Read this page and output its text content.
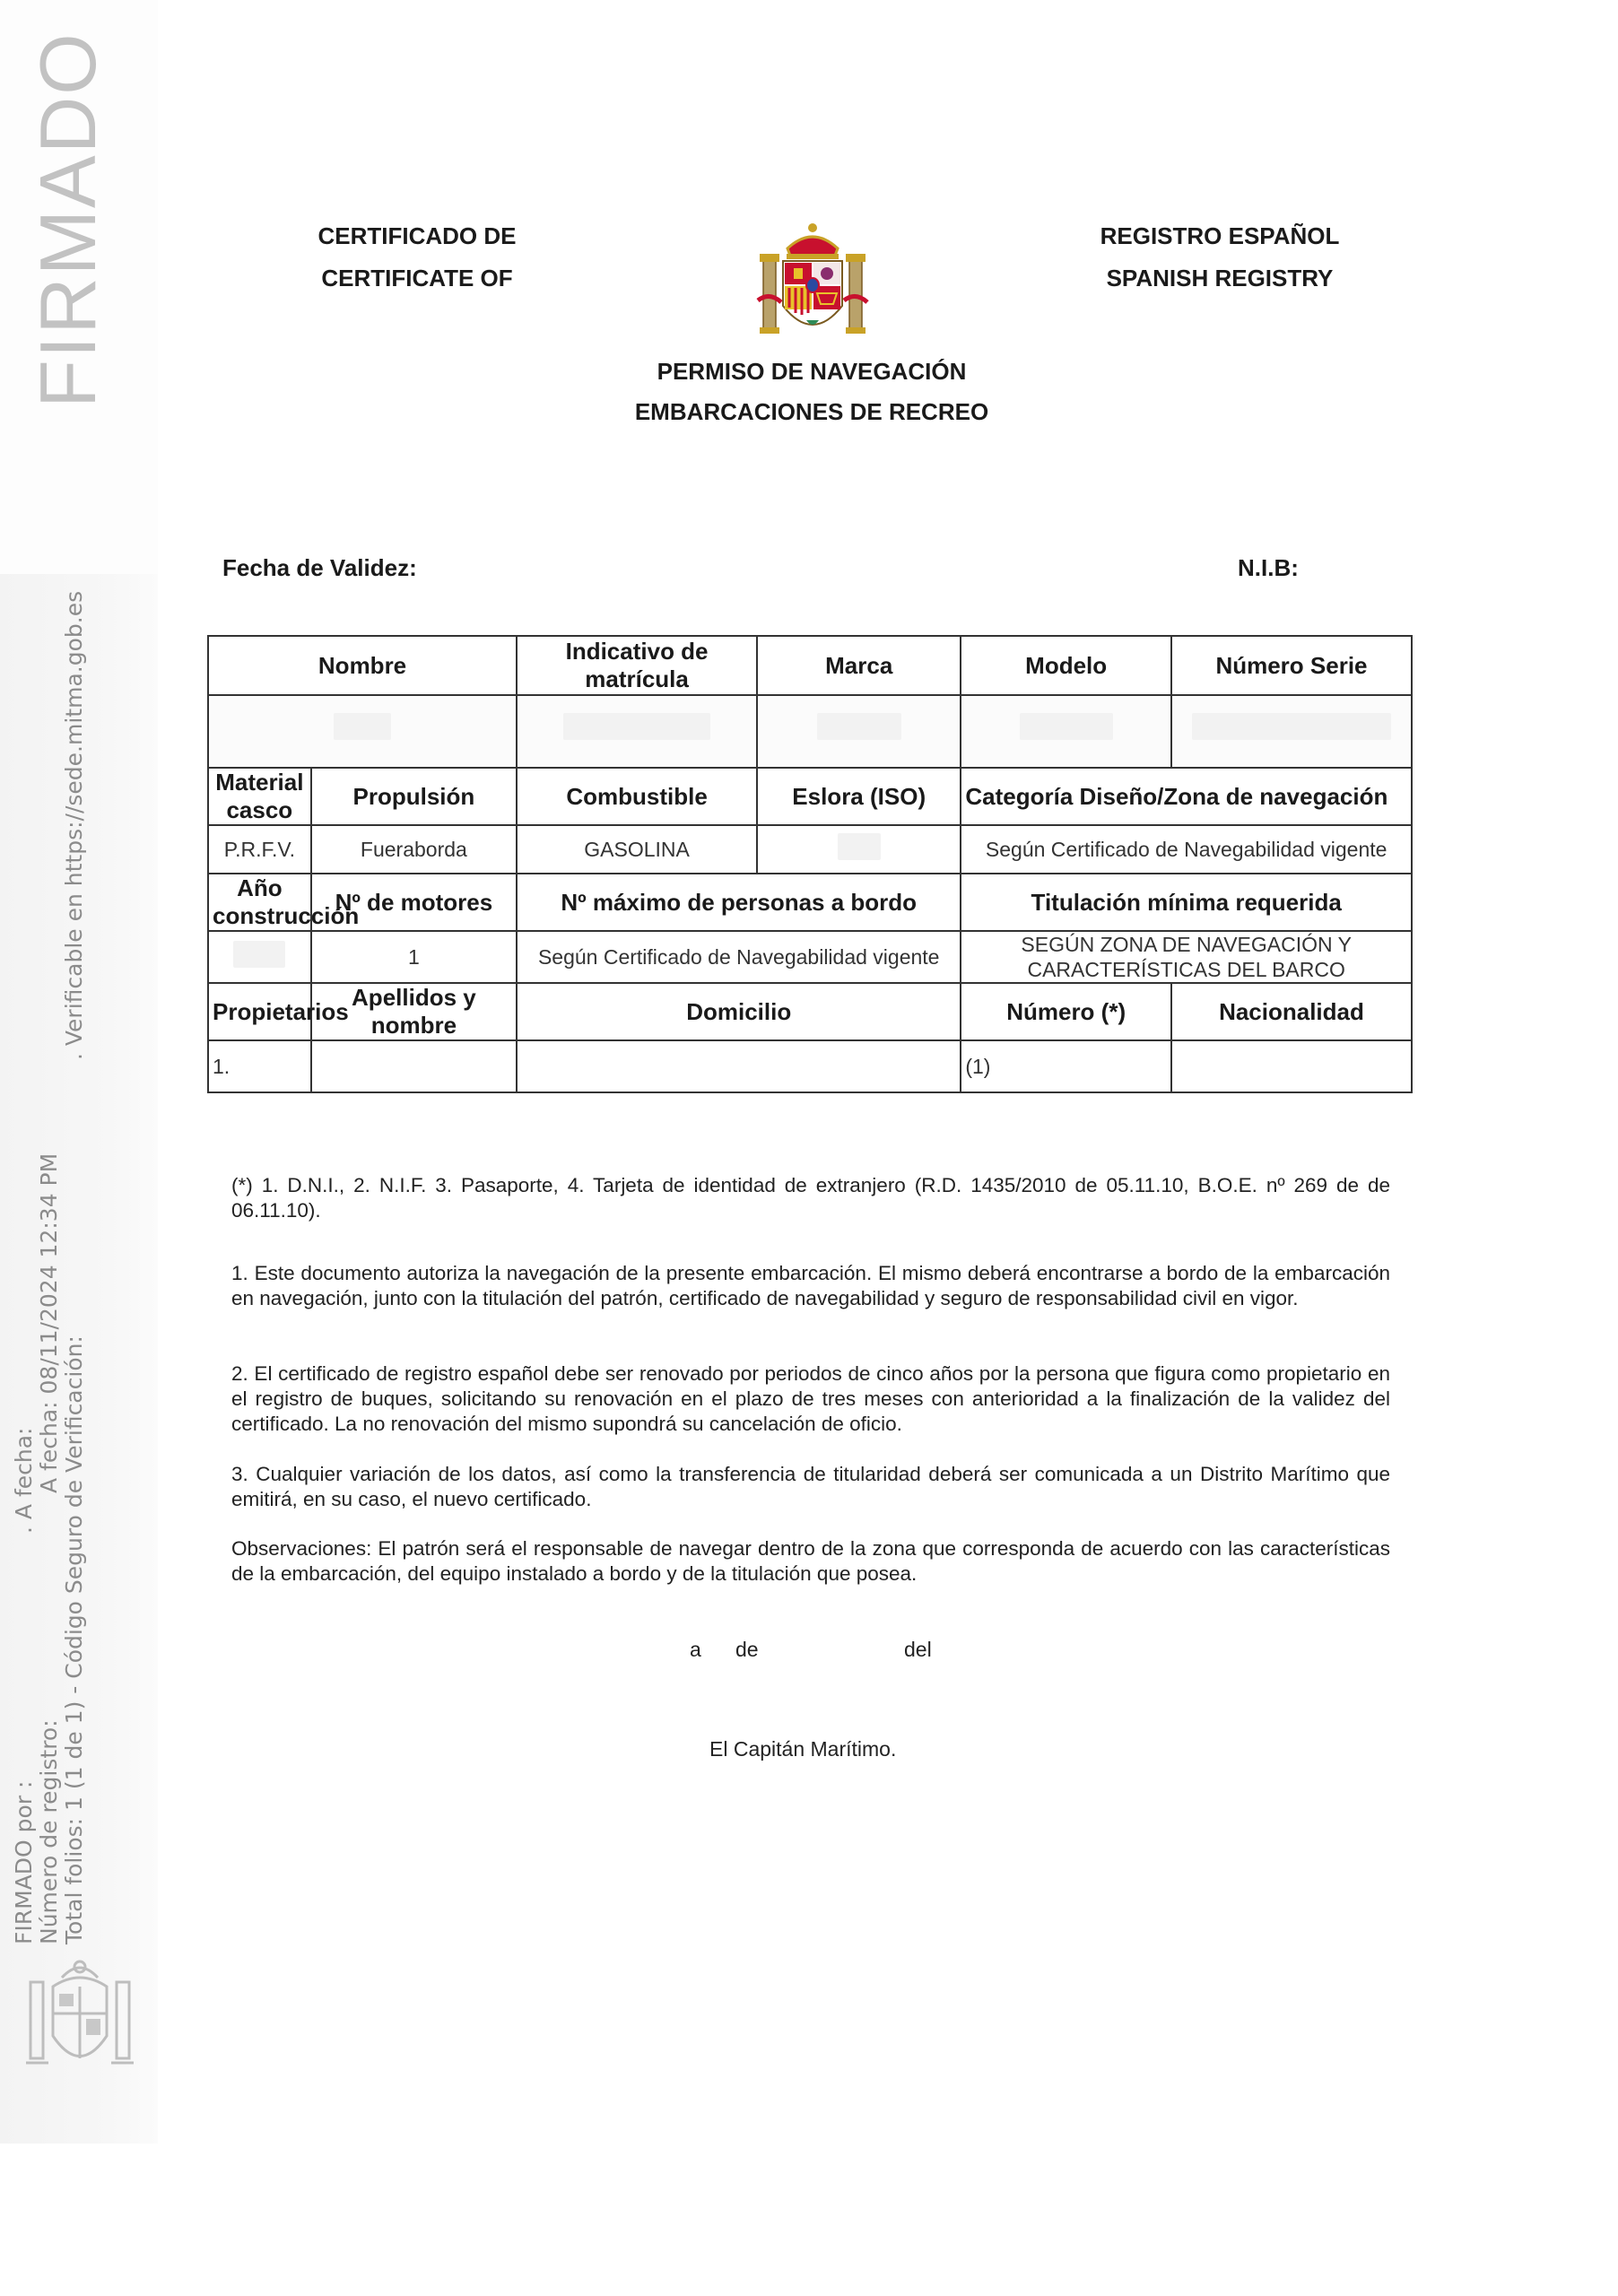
FIRMADO
FIRMADO por :
. A fecha:
Número de registro:
A fecha: 08/11/2024 12:34 PM
Total folios: 1 (1 de 1) - Código Seguro de Verificación:
. Verificable en https://sede.mitma.gob.es
CERTIFICADO DE
CERTIFICATE OF
REGISTRO ESPAÑOL
SPANISH REGISTRY
PERMISO DE NAVEGACIÓN
EMBARCACIONES DE RECREO
Fecha de Validez:	N.I.B:
Nombre		Indicativo de matrícula	Marca	Modelo	Número Serie

Material casco	Propulsión	Combustible	Eslora (ISO)	Categoría Diseño/Zona de navegación	
P.R.F.V.	Fueraborda	GASOLINA		Según Certificado de Navegabilidad vigente	
Año construcción	Nº de motores	Nº máximo de personas a bordo		Titulación mínima requerida	
	1	Según Certificado de Navegabilidad vigente		SEGÚN ZONA DE NAVEGACIÓN Y CARACTERÍSTICAS DEL BARCO	
Propietarios	Apellidos y nombre	Domicilio		Número (*)	Nacionalidad
1.				(1)	
(*) 1. D.N.I., 2. N.I.F. 3. Pasaporte, 4. Tarjeta de identidad de extranjero (R.D. 1435/2010 de 05.11.10, B.O.E. nº 269 de de 06.11.10).
1. Este documento autoriza la navegación de la presente embarcación. El mismo deberá encontrarse a bordo de la embarcación en navegación, junto con la titulación del patrón, certificado de navegabilidad y seguro de responsabilidad civil en vigor.
2. El certificado de registro español debe ser renovado por periodos de cinco años por la persona que figura como propietario en el registro de buques, solicitando su renovación en el plazo de tres meses con anterioridad a la finalización de la validez del certificado. La no renovación del mismo supondrá su cancelación de oficio.
3. Cualquier variación de los datos, así como la transferencia de titularidad deberá ser comunicada a un Distrito Marítimo que emitirá, en su caso, el nuevo certificado.
Observaciones: El patrón será el responsable de navegar dentro de la zona que corresponda de acuerdo con las características de la embarcación, del equipo instalado a bordo y de la titulación que posea.
a de	del
El Capitán Marítimo.
